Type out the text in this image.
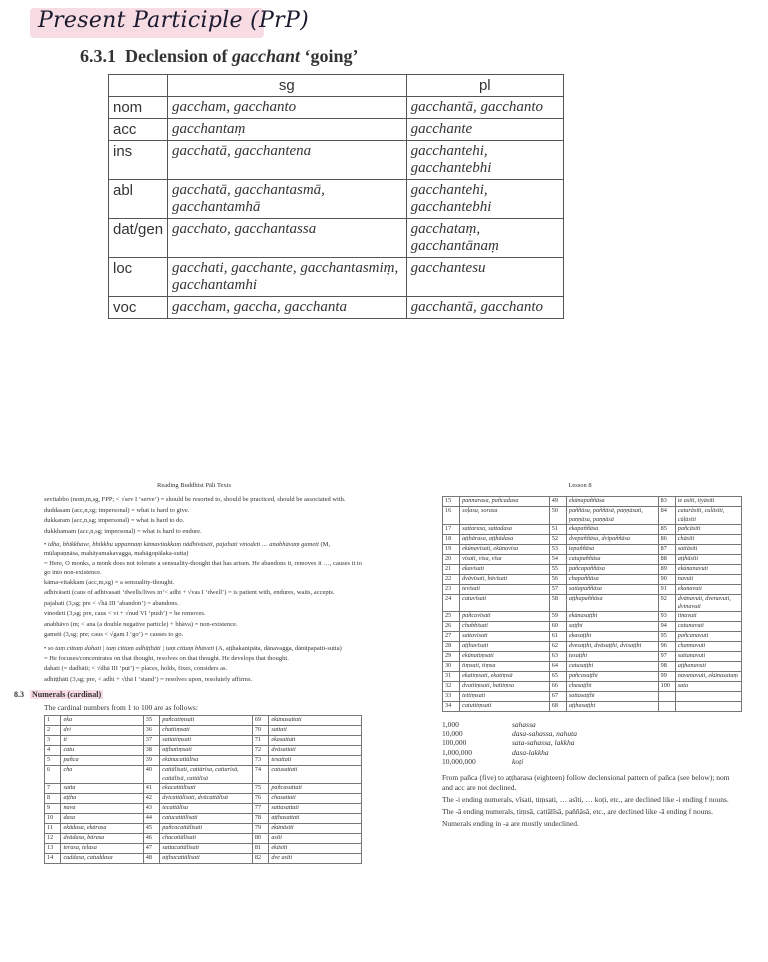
Present Participle (PrP)
6.3.1 Declension of gacchant ‘going’
	sg	pl
nom	gaccham, gacchanto	gacchantā, gacchanto
acc	gacchantaṃ	gacchante
ins	gacchatā, gacchantena	gacchantehi, gacchantebhi
abl	gacchatā, gacchantasmā, gacchantamhā	gacchantehi, gacchantebhi
dat/gen	gacchato, gacchantassa	gacchataṃ, gacchantānaṃ
loc	gacchati, gacchante, gacchantasmiṃ, gacchantamhi	gacchantesu
voc	gaccham, gaccha, gacchanta	gacchantā, gacchanto
Reading Buddhist Pāli Texts

sevitabbo (nom,m,sg, FPP; < √sev I ‘serve’) = should be resorted to, should be practiced, should be associated with.

duddasam (acc,n,sg; impersonal) = what is hard to give.

dukkaram (acc,n,sg; impersonal) = what is hard to do.

dukkhamam (acc,n,sg; impersonal) = what is hard to endure.

• idha, bhikkhave, bhikkhu uppannaṃ kāmavitakkaṃ nādhivāseti, pajahati vinodeti … anabhāvaṃ gameti (M, mūlapaṇṇāsa, mahāyamakavagga, mahāgopālaka-sutta)

= Here, O monks, a monk does not tolerate a sensuality-thought that has arisen. He abandons it, removes it …, causes it to go into non-existence.

kāma-vitakkam (acc,m,sg) = a sensuality-thought.

adhivāseti (caus of adhivasati ‘dwells/lives in’< adhi + √vas I ‘dwell’) = is patient with, endures, waits, accepts.

pajahati (3,sg; pre < √hā III ‘abandon’) = abandons.

vinodeti (3,sg; pre, caus < vi + √nud VI ‘push’) = he removes.

anabhāvo (m; < ana (a double negative particle) + bhāva) = non-existence.

gameti (3,sg; pre; caus < √gam I ‘go’) = causes to go.

• so taṃ cittaṃ dahati | taṃ cittaṃ adhiṭṭhāti | taṃ cittaṃ bhāveti (A, aṭṭhakanipāta, dānavagga, dānūpapatti-sutta)

= He focuses/concentrates on that thought, resolves on that thought. He develops that thought.

dahati (= dadhāti; < √dhā III ‘put’) = places, holds, fixes, considers as.

adhiṭṭhāti (3,sg; pre, < adhi + √ṭhā I ‘stand’) = resolves upon, resolutely affirms.

8.3 Numerals (cardinal)
The cardinal numbers from 1 to 100 are as follows:
1	eka	35	pañcatiṃsati	69	ekūnasattati
2	dvi	36	chattiṃsati	70	sattati
3	ti	37	sattatiṃsati	71	ekasattati
4	catu	38	aṭṭhatiṃsati	72	dvāsattati
5	pañca	39	ekūnacattālīsa	73	tesattati
6	cha	40	cattālīsati, cattārīsa, cattarīsā, cattālīsā, cattālīsā	74	catusattati
7	satta	41	ekacattālīsati	75	pañcasattati
8	aṭṭha	42	dvicattālīsati, dvācattālīsā	76	chasattati
9	nava	43	tecattālīsa	77	sattasattati
10	dasa	44	catucattālīsati	78	aṭṭhasattati
11	ekādasa, ekārasa	45	pañcacattālīsati	79	ekūnāsīti
12	dvādasa, bārasa	46	chacattālīsati	80	asīti
13	terasa, telasa	47	sattacattālīsati	81	ekāsīti
14	cuddasa, catuddasa	48	aṭṭhacattālīsati	82	dve asīti
Lesson 8
15	pannarasa, pañcadasa	49	ekūnapaññāsa	83	te asīti, tiyāsīti
16	soḷasa, sorasa	50	paññāsa, paññāsā, paṇṇāsati, paṇṇāsa, paṇṇāsā	84	caturāsīti, culāsīti, cūḷāsīti
17	sattarasa, sattadasa	51	ekapaññāsa	85	pañcāsīti
18	aṭṭhārasa, aṭṭhādasa	52	dvepaññāsa, dvipaññāsa	86	chāsīti
19	ekūnavīsati, ekūnavīsa	53	tepaññāsa	87	sattāsīti
20	vīsati, vīsa, vīsa	54	catupaññāsa	88	aṭṭhāsīti
21	ekavīsati	55	pañcapaññāsa	89	ekūnanavuti
22	dvāvīsati, bāvīsati	56	chapaññāsa	90	navuti
23	tevīsati	57	sattapaññāsa	91	ekanavuti
24	catuvīsati	58	aṭṭhapaññāsa	92	dvānavuti, dvenavuti, dvinavuti
25	pañcavīsati	59	ekūnasaṭṭhi	93	tinavuti
26	chabbīsati	60	saṭṭhi	94	catunavuti
27	sattavīsati	61	ekasaṭṭhi	95	pañcanavuti
28	aṭṭhavīsati	62	dvesaṭṭhi, dvāsaṭṭhi, dvisaṭṭhi	96	channavuti
29	ekūnatiṃsati	63	tesaṭṭhi	97	sattanavuti
30	tiṃsati, tiṃsa	64	catusaṭṭhi	98	aṭṭhanavuti
31	ekatiṃsati, ekatiṃsā	65	pañcasaṭṭhi	99	navanavuti, ekūnasataṃ
32	dvattiṃsati, battiṃsa	66	chasaṭṭhi	100	sata
33	tettiṃsati	67	sattasaṭṭhi		
34	catuttiṃsati	68	aṭṭhasaṭṭhi		
1,000	sahassa
10,000	dasa-sahassa, nahuta
100,000	sata-sahassa, lakkha
1,000,000	dasa-lakkha
10,000,000	koṭi

From pañca (five) to aṭṭharasa (eighteen) follow declensional pattern of pañca (see below); nom and acc are not declined.

The -i ending numerals, vīsati, tiṃsati, … asīti, … koṭi, etc., are declined like -i ending f nouns.

The -ā ending numerals, tiṃsā, cattālīsā, paññāsā, etc., are declined like -ā ending f nouns.

Numerals ending in -a are mostly undeclined.
